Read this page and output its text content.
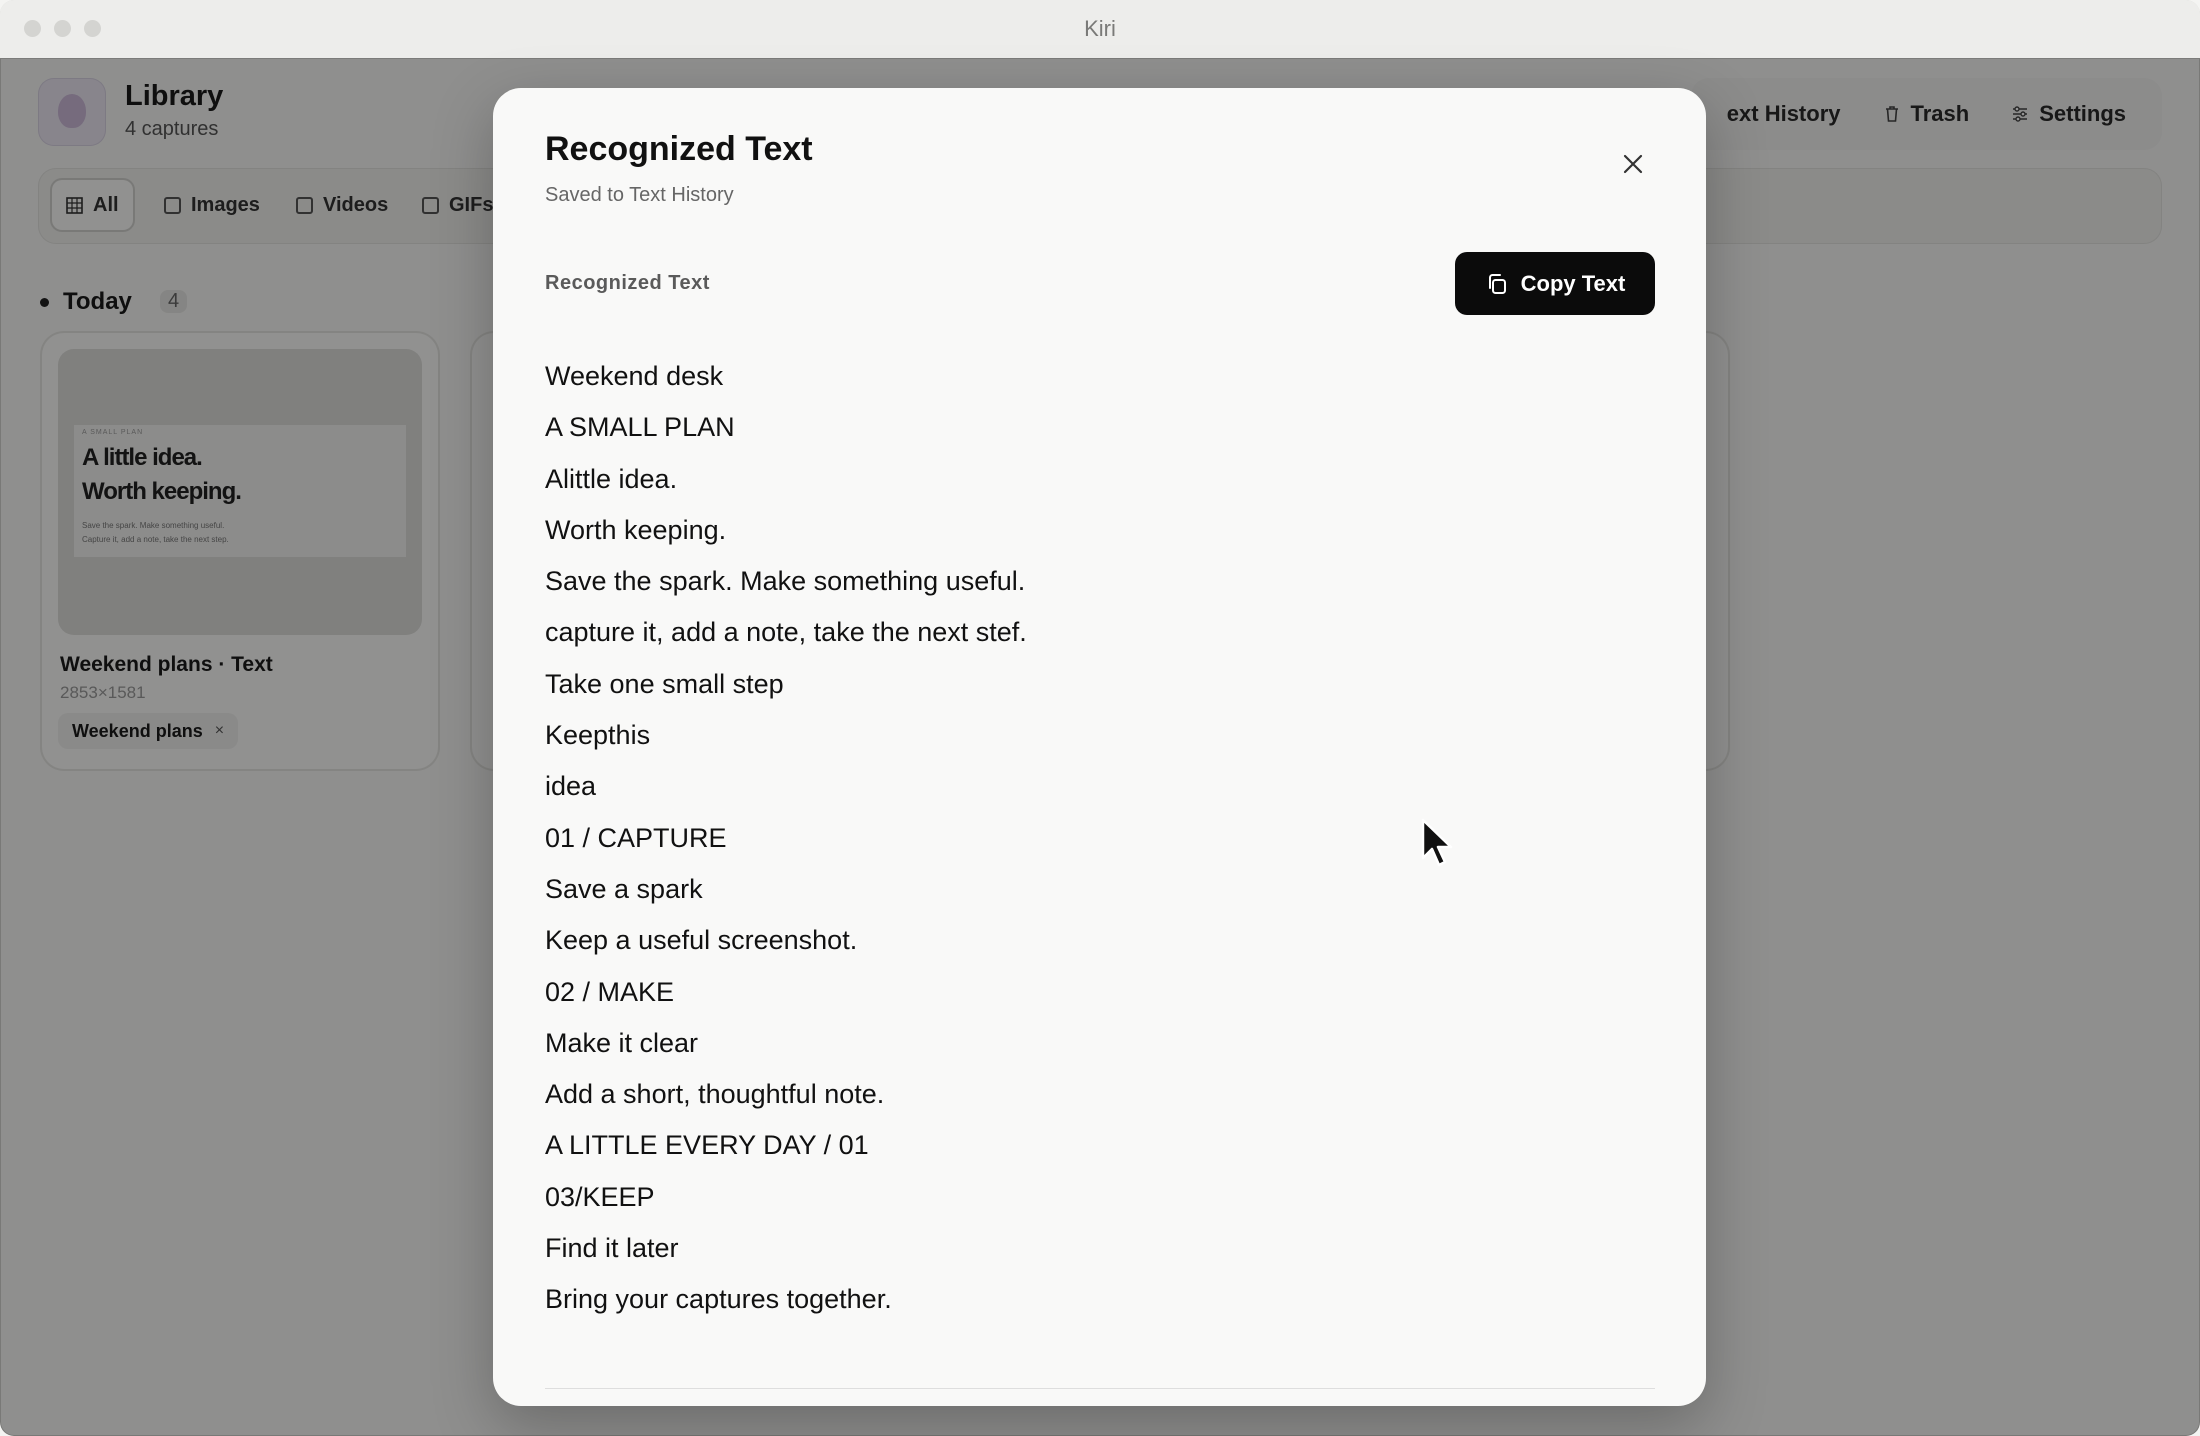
Kiri
Library
4 captures
ext History	Trash	Settings
All	Images	Videos	GIFs
Today	4
A SMALL PLAN
A little idea.
Worth keeping.
Save the spark. Make something useful.
Capture it, add a note, take the next step.
Weekend plans · Text
2853×1581
Weekend plans ×
Recognized Text
Saved to Text History
Recognized Text	Copy Text
Weekend desk
A SMALL PLAN
Alittle idea.
Worth keeping.
Save the spark. Make something useful.
capture it, add a note, take the next stef.
Take one small step
Keepthis
idea
01 / CAPTURE
Save a spark
Keep a useful screenshot.
02 / MAKE
Make it clear
Add a short, thoughtful note.
A LITTLE EVERY DAY / 01
03/KEEP
Find it later
Bring your captures together.
